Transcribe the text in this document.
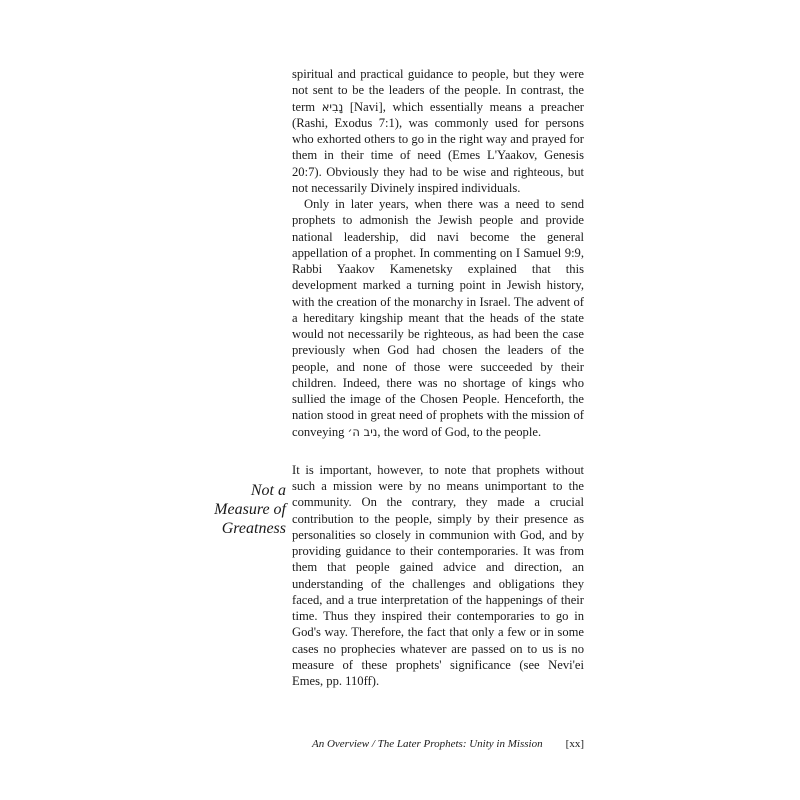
spiritual and practical guidance to people, but they were not sent to be the leaders of the people. In contrast, the term נָבִיא [Navi], which essentially means a preacher (Rashi, Exodus 7:1), was commonly used for persons who exhorted others to go in the right way and prayed for them in their time of need (Emes L'Yaakov, Genesis 20:7). Obviously they had to be wise and righteous, but not necessarily Divinely inspired individuals.

Only in later years, when there was a need to send prophets to admonish the Jewish people and provide national leadership, did navi become the general appellation of a prophet. In commenting on I Samuel 9:9, Rabbi Yaakov Kamenetsky explained that this development marked a turning point in Jewish history, with the creation of the monarchy in Israel. The advent of a hereditary kingship meant that the heads of the state would not necessarily be righteous, as had been the case previously when God had chosen the leaders of the people, and none of those were succeeded by their children. Indeed, there was no shortage of kings who sullied the image of the Chosen People. Henceforth, the nation stood in great need of prophets with the mission of conveying ניב ה׳, the word of God, to the people.

It is important, however, to note that prophets without such a mission were by no means unimportant to the community. On the contrary, they made a crucial contribution to the people, simply by their presence as personalities so closely in communion with God, and by providing guidance to their contemporaries. It was from them that people gained advice and direction, an understanding of the challenges and obligations they faced, and a true interpretation of the happenings of their time. Thus they inspired their contemporaries to go in God's way. Therefore, the fact that only a few or in some cases no prophecies whatever are passed on to us is no measure of these prophets' significance (see Nevi'ei Emes, pp. 110ff).

Not a
Measure of
Greatness
An Overview / The Later Prophets: Unity in Mission [xx]
